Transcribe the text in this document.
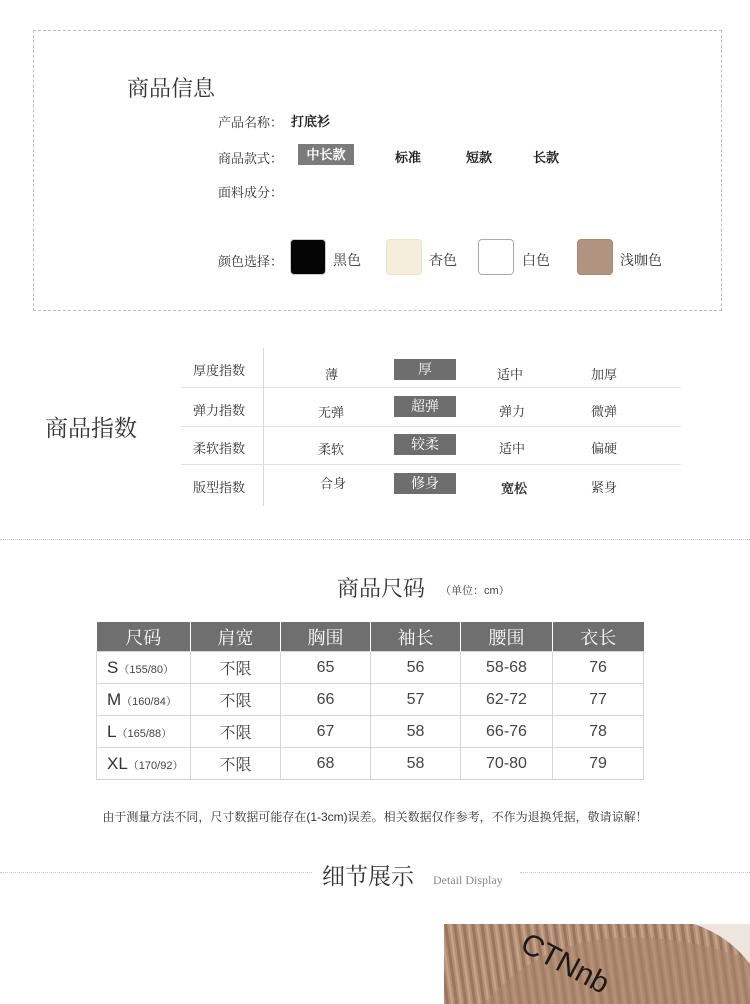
商品信息
产品名称： 打底衫
商品款式：	中长款	标准	短款	长款
面料成分：
颜色选择：	黑色	杏色	白色	浅咖色
商品指数
厚度指数	薄	厚	适中	加厚
弹力指数	无弹	超弹	弹力	微弹
柔软指数	柔软	较柔	适中	偏硬
版型指数	合身	修身	宽松	紧身
商品尺码 （单位：cm）
尺码	肩宽	胸围	袖长	腰围	衣长
S（155/80）	不限	65	56	58-68	76
M（160/84）	不限	66	57	62-72	77
L（165/88）	不限	67	58	66-76	78
XL（170/92）	不限	68	58	70-80	79
由于测量方法不同，尺寸数据可能存在(1-3cm)误差。相关数据仅作参考，不作为退换凭据，敬请谅解！
细节展示 Detail Display
CTNnb
